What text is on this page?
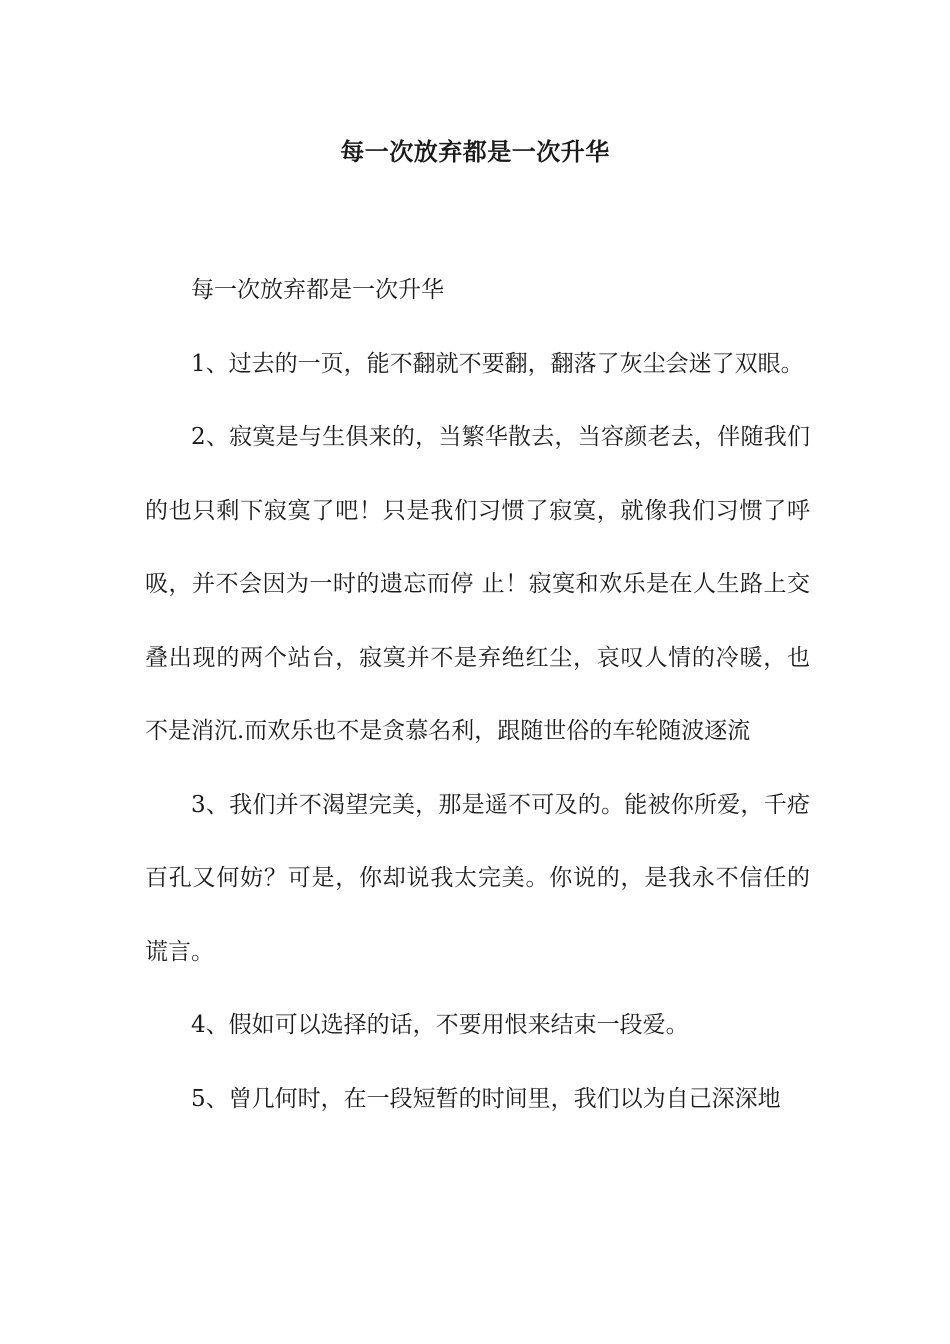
每一次放弃都是一次升华

每一次放弃都是一次升华

1、过去的一页，能不翻就不要翻，翻落了灰尘会迷了双眼。

2、寂寞是与生俱来的，当繁华散去，当容颜老去，伴随我们的也只剩下寂寞了吧！只是我们习惯了寂寞，就像我们习惯了呼吸，并不会因为一时的遗忘而停 止！寂寞和欢乐是在人生路上交叠出现的两个站台，寂寞并不是弃绝红尘，哀叹人情的冷暖，也不是消沉.而欢乐也不是贪慕名利，跟随世俗的车轮随波逐流

3、我们并不渴望完美，那是遥不可及的。能被你所爱，千疮百孔又何妨？可是，你却说我太完美。你说的，是我永不信任的谎言。

4、假如可以选择的话，不要用恨来结束一段爱。

5、曾几何时，在一段短暂的时间里，我们以为自己深深地
